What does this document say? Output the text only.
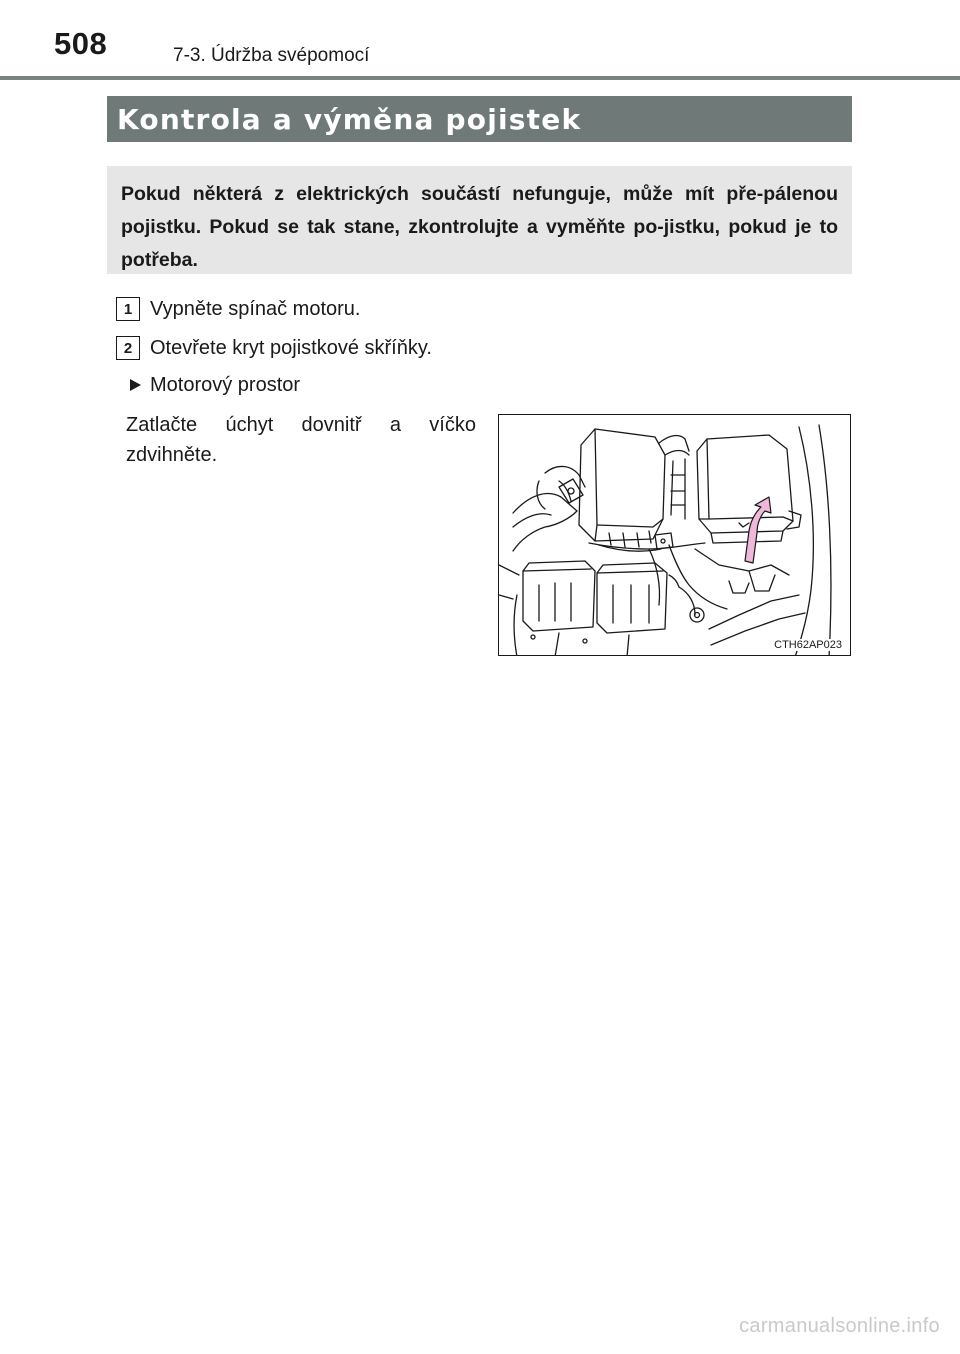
508	7-3. Údržba svépomocí
Kontrola a výměna pojistek

Pokud některá z elektrických součástí nefunguje, může mít pře-pálenou pojistku. Pokud se tak stane, zkontrolujte a vyměňte po-jistku, pokud je to potřeba.

1 Vypněte spínač motoru.
2 Otevřete kryt pojistkové skříňky.
Motorový prostor

Zatlačte úchyt dovnitř a víčko zdvihněte.

CTH62AP023
carmanualsonline.info
